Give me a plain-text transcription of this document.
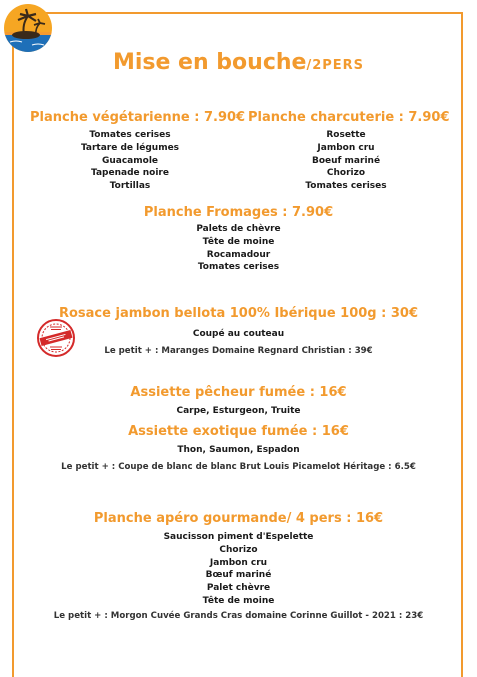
Mise en bouche/2PERS
Planche végétarienne : 7.90€
Tomates cerises
Tartare de légumes
Guacamole
Tapenade noire
Tortillas
Planche charcuterie : 7.90€
Rosette
Jambon cru
Boeuf mariné
Chorizo
Tomates cerises
Planche Fromages : 7.90€
Palets de chèvre
Tête de moine
Rocamadour
Tomates cerises
Rosace jambon bellota 100% Ibérique 100g : 30€

Coupé au couteau

Le petit + : Maranges Domaine Regnard Christian : 39€

Assiette pêcheur fumée : 16€

Carpe, Esturgeon, Truite

Assiette exotique fumée : 16€

Thon, Saumon, Espadon

Le petit + : Coupe de blanc de blanc Brut Louis Picamelot Héritage : 6.5€

Planche apéro gourmande/ 4 pers : 16€
Saucisson piment d'Espelette
Chorizo
Jambon cru
Bœuf mariné
Palet chèvre
Tête de moine

Le petit + : Morgon Cuvée Grands Cras domaine Corinne Guillot - 2021 : 23€
